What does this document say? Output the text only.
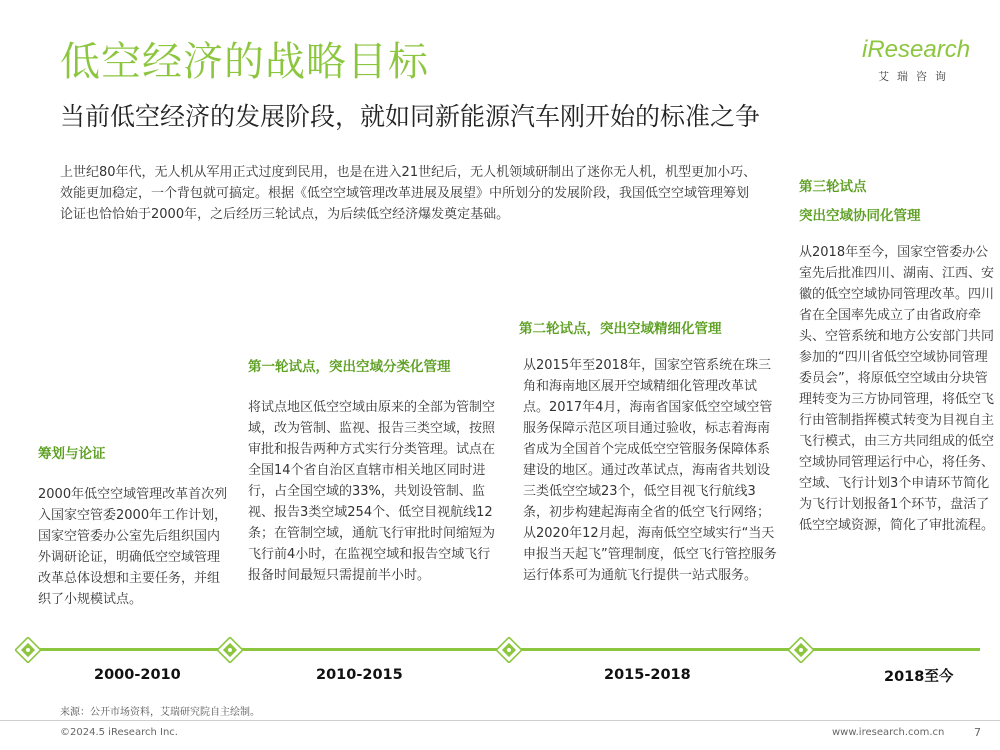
低空经济的战略目标
当前低空经济的发展阶段，就如同新能源汽车刚开始的标准之争
iResearch
艾瑞咨询
上世纪80年代，无人机从军用正式过度到民用，也是在进入21世纪后，无人机领域研制出了迷你无人机，机型更加小巧、效能更加稳定，一个背包就可搞定。根据《低空空域管理改革进展及展望》中所划分的发展阶段，我国低空空域管理筹划论证也恰恰始于2000年，之后经历三轮试点，为后续低空经济爆发奠定基础。
筹划与论证
2000年低空空域管理改革首次列入国家空管委2000年工作计划，国家空管委办公室先后组织国内外调研论证，明确低空空域管理改革总体设想和主要任务，并组织了小规模试点。
第一轮试点，突出空域分类化管理
将试点地区低空空域由原来的全部为管制空域，改为管制、监视、报告三类空域，按照审批和报告两种方式实行分类管理。试点在全国14个省自治区直辖市相关地区同时进行，占全国空域的33%，共划设管制、监视、报告3类空域254个、低空目视航线12条；在管制空域，通航飞行审批时间缩短为飞行前4小时，在监视空域和报告空域飞行报备时间最短只需提前半小时。
第二轮试点，突出空域精细化管理
从2015年至2018年，国家空管系统在珠三角和海南地区展开空域精细化管理改革试点。2017年4月，海南省国家低空空域空管服务保障示范区项目通过验收，标志着海南省成为全国首个完成低空空管服务保障体系建设的地区。通过改革试点，海南省共划设三类低空空域23个，低空目视飞行航线3条，初步构建起海南全省的低空飞行网络；从2020年12月起，海南低空空域实行“当天申报当天起飞”管理制度，低空飞行管控服务运行体系可为通航飞行提供一站式服务。
第三轮试点
突出空域协同化管理
从2018年至今，国家空管委办公室先后批准四川、湖南、江西、安徽的低空空域协同管理改革。四川省在全国率先成立了由省政府牵头、空管系统和地方公安部门共同参加的“四川省低空空域协同管理委员会”，将原低空空域由分块管理转变为三方协同管理，将低空飞行由管制指挥模式转变为目视自主飞行模式，由三方共同组成的低空空域协同管理运行中心，将任务、空域、飞行计划3个申请环节简化为飞行计划报备1个环节，盘活了低空空域资源，简化了审批流程。
2000-2010	2010-2015	2015-2018	2018至今
来源：公开市场资料，艾瑞研究院自主绘制。
©2024.5 iResearch Inc.	www.iresearch.com.cn	7
